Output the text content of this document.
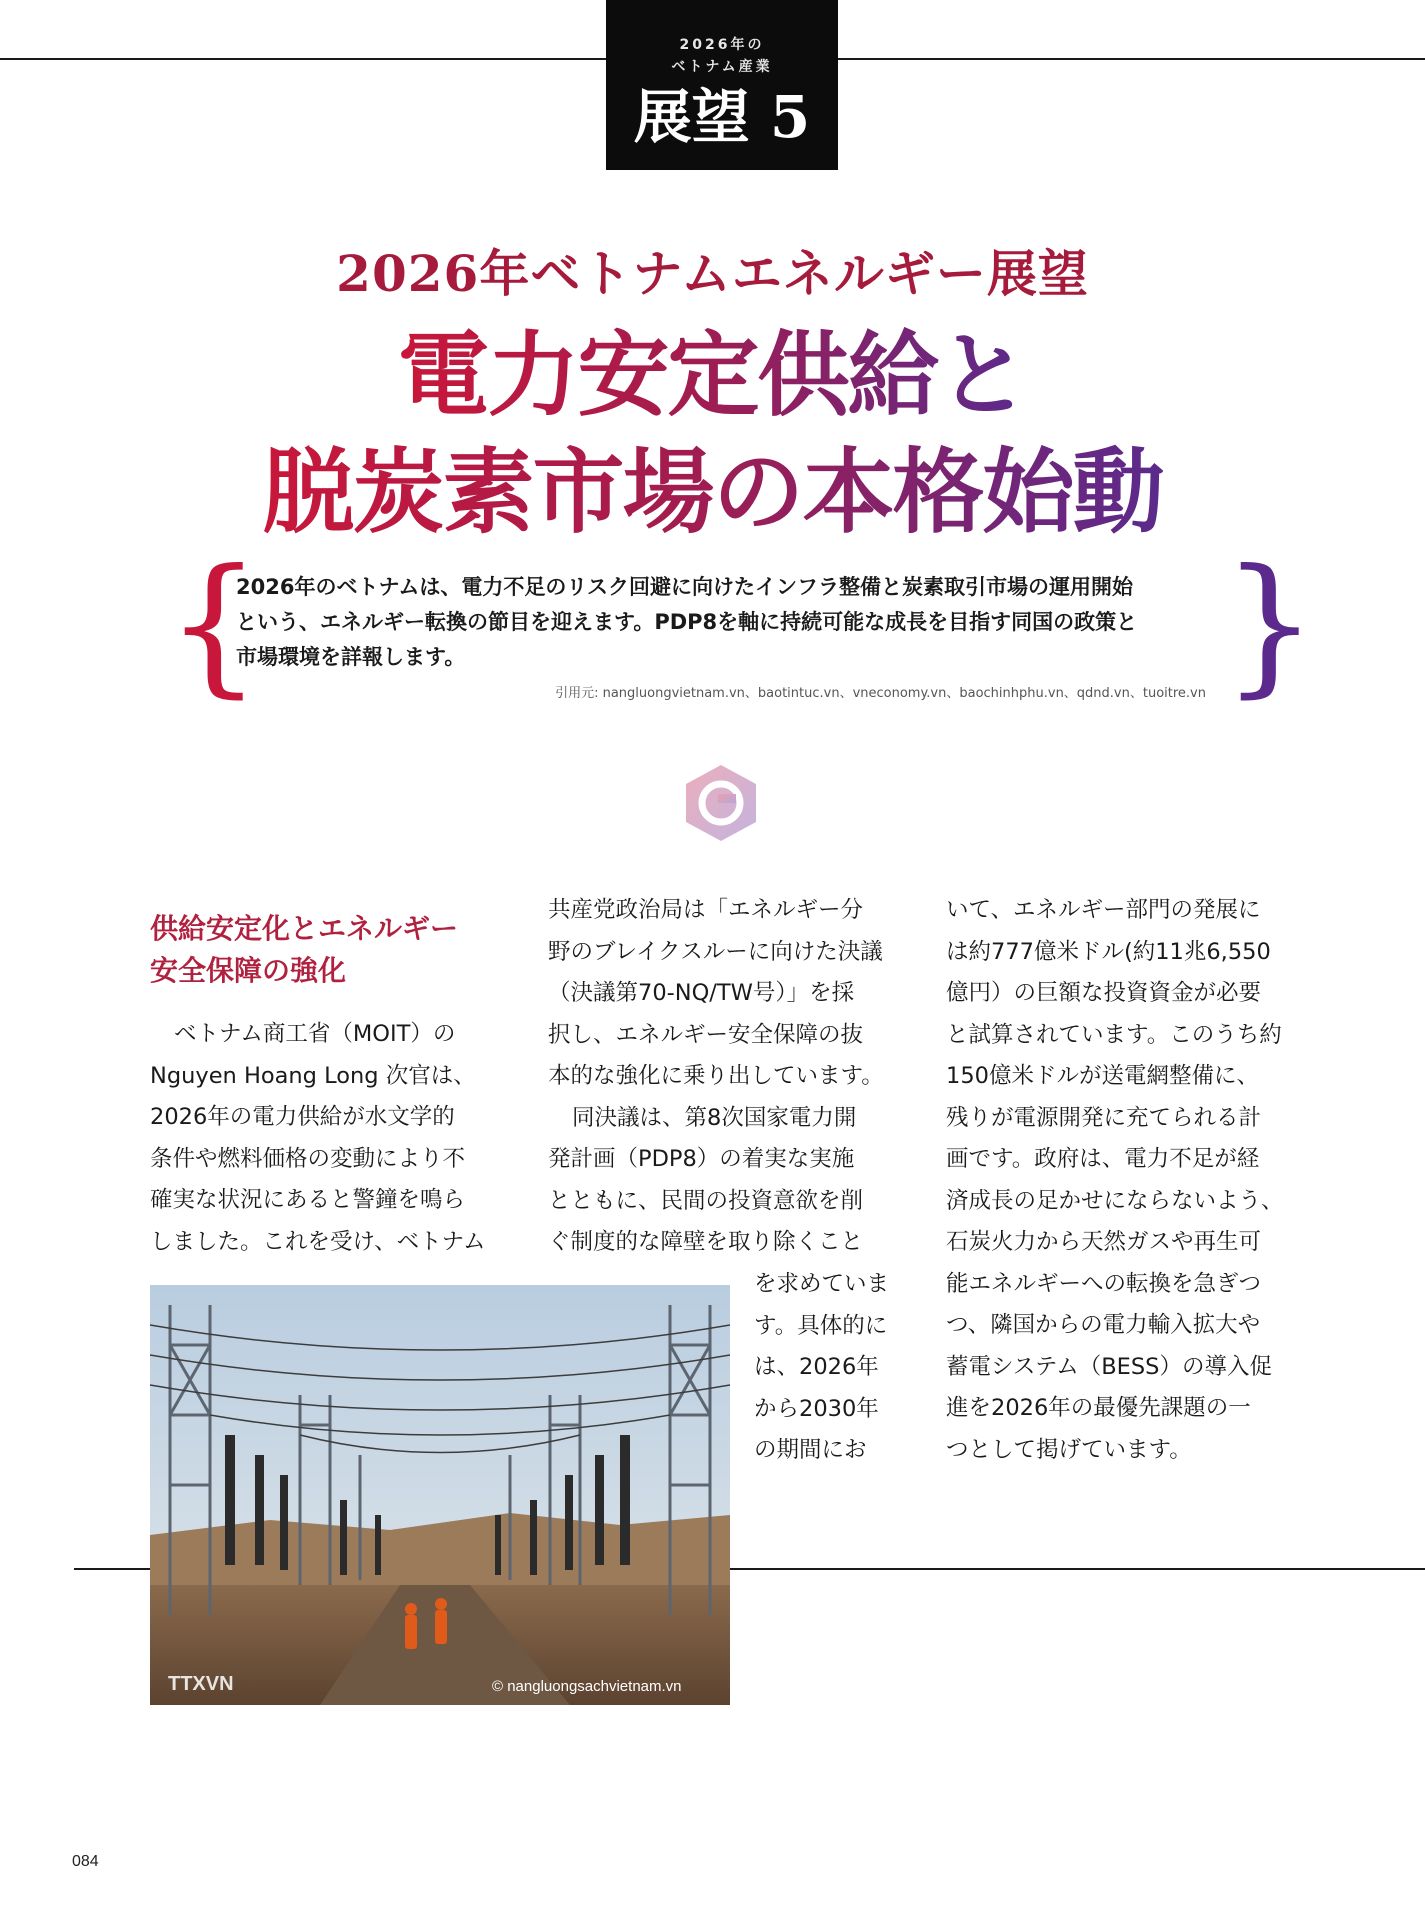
2026年の
ベトナム産業
展望 5
2026年ベトナムエネルギー展望
電力安定供給と
脱炭素市場の本格始動
{	}
2026年のベトナムは、電力不足のリスク回避に向けたインフラ整備と炭素取引市場の運用開始
という、エネルギー転換の節目を迎えます。PDP8を軸に持続可能な成長を目指す同国の政策と
市場環境を詳報します。
引用元: nangluongvietnam.vn、baotintuc.vn、vneconomy.vn、baochinhphu.vn、qdnd.vn、tuoitre.vn
供給安定化とエネルギー
安全保障の強化

ベトナム商工省（MOIT）の

Nguyen Hoang Long 次官は、

2026年の電力供給が水文学的

条件や燃料価格の変動により不

確実な状況にあると警鐘を鳴ら

しました。これを受け、ベトナム

共産党政治局は「エネルギー分

野のブレイクスルーに向けた決議

（決議第70-NQ/TW号）」を採

択し、エネルギー安全保障の抜

本的な強化に乗り出しています。

同決議は、第8次国家電力開

発計画（PDP8）の着実な実施

とともに、民間の投資意欲を削

ぐ制度的な障壁を取り除くこと

を求めていま

す。具体的に

は、2026年

から2030年

の期間にお

いて、エネルギー部門の発展に

は約777億米ドル(約11兆6,550

億円）の巨額な投資資金が必要

と試算されています。このうち約

150億米ドルが送電網整備に、

残りが電源開発に充てられる計

画です。政府は、電力不足が経

済成長の足かせにならないよう、

石炭火力から天然ガスや再生可

能エネルギーへの転換を急ぎつ

つ、隣国からの電力輸入拡大や

蓄電システム（BESS）の導入促

進を2026年の最優先課題の一

つとして掲げています。

TTXVN	© nangluongsachvietnam.vn
084
